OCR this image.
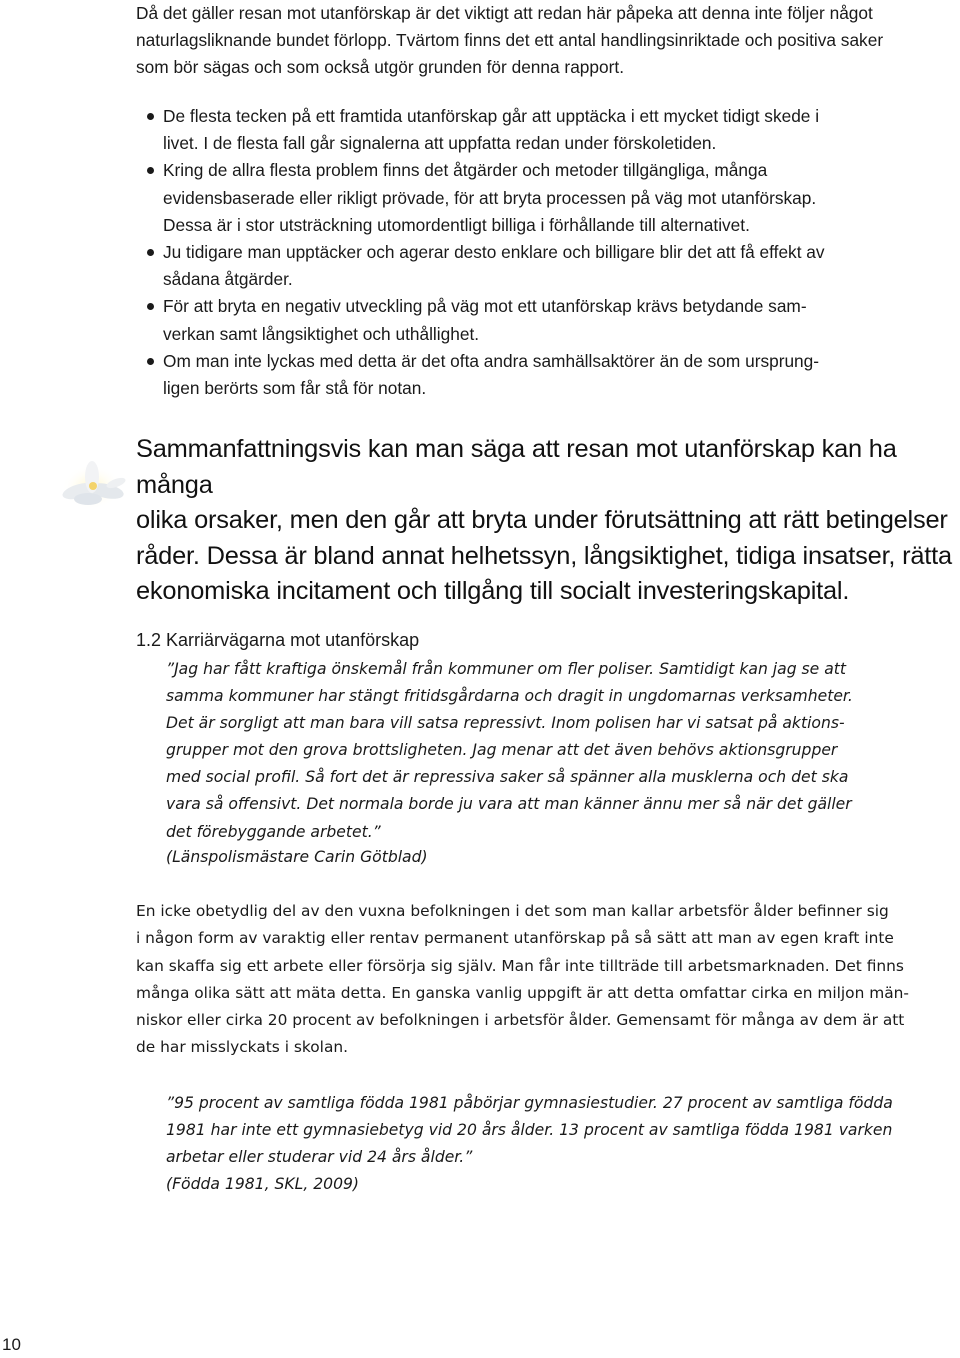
Då det gäller resan mot utanförskap är det viktigt att redan här påpeka att denna inte följer något
naturlagsliknande bundet förlopp. Tvärtom finns det ett antal handlingsinriktade och positiva saker
som bör sägas och som också utgör grunden för denna rapport.

De flesta tecken på ett framtida utanförskap går att upptäcka i ett mycket tidigt skede i
livet. I de flesta fall går signalerna att uppfatta redan under förskoletiden.
Kring de allra flesta problem finns det åtgärder och metoder tillgängliga, många
evidensbaserade eller rikligt prövade, för att bryta processen på väg mot utanförskap.
Dessa är i stor utsträckning utomordentligt billiga i förhållande till alternativet.
Ju tidigare man upptäcker och agerar desto enklare och billigare blir det att få effekt av
sådana åtgärder.
För att bryta en negativ utveckling på väg mot ett utanförskap krävs betydande sam-
verkan samt långsiktighet och uthållighet.
Om man inte lyckas med detta är det ofta andra samhällsaktörer än de som ursprung-
ligen berörts som får stå för notan.

Sammanfattningsvis kan man säga att resan mot utanförskap kan ha många
olika orsaker, men den går att bryta under förutsättning att rätt betingelser
råder. Dessa är bland annat helhetssyn, långsiktighet, tidiga insatser, rätta
ekonomiska incitament och tillgång till socialt investeringskapital.

1.2 Karriärvägarna mot utanförskap

”Jag har fått kraftiga önskemål från kommuner om fler poliser. Samtidigt kan jag se att
samma kommuner har stängt fritidsgårdarna och dragit in ungdomarnas verksamheter.
Det är sorgligt att man bara vill satsa repressivt. Inom polisen har vi satsat på aktions-
grupper mot den grova brottsligheten. Jag menar att det även behövs aktionsgrupper
med social profil. Så fort det är repressiva saker så spänner alla musklerna och det ska
vara så offensivt. Det normala borde ju vara att man känner ännu mer så när det gäller
det förebyggande arbetet.”

(Länspolismästare Carin Götblad)

En icke obetydlig del av den vuxna befolkningen i det som man kallar arbetsför ålder befinner sig
i någon form av varaktig eller rentav permanent utanförskap på så sätt att man av egen kraft inte
kan skaffa sig ett arbete eller försörja sig själv. Man får inte tillträde till arbetsmarknaden. Det finns
många olika sätt att mäta detta. En ganska vanlig uppgift är att detta omfattar cirka en miljon män-
niskor eller cirka 20 procent av befolkningen i arbetsför ålder. Gemensamt för många av dem är att
de har misslyckats i skolan.

”95 procent av samtliga födda 1981 påbörjar gymnasiestudier. 27 procent av samtliga födda
1981 har inte ett gymnasiebetyg vid 20 års ålder. 13 procent av samtliga födda 1981 varken
arbetar eller studerar vid 24 års ålder.”

(Födda 1981, SKL, 2009)

10
